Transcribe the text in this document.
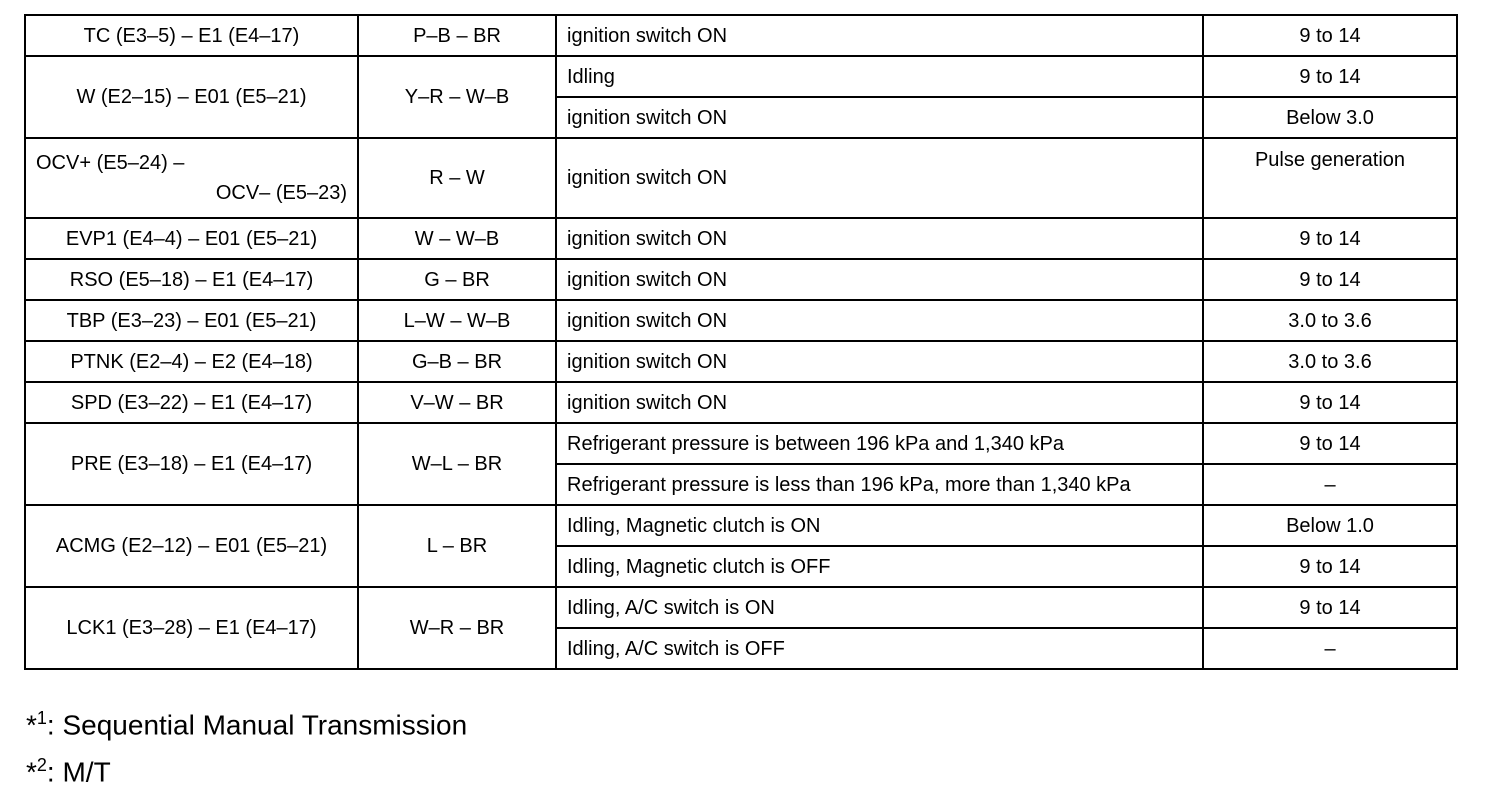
TC (E3–5) – E1 (E4–17)	P–B – BR	ignition switch ON	9 to 14
W (E2–15) – E01 (E5–21)	Y–R – W–B	Idling	9 to 14
		ignition switch ON	Below 3.0

OCV+ (E5–24) –
OCV– (E5–23)	R – W	ignition switch ON	Pulse generation
EVP1 (E4–4) – E01 (E5–21)	W – W–B	ignition switch ON	9 to 14
RSO (E5–18) – E1 (E4–17)	G – BR	ignition switch ON	9 to 14
TBP (E3–23) – E01 (E5–21)	L–W – W–B	ignition switch ON	3.0 to 3.6
PTNK (E2–4) – E2 (E4–18)	G–B – BR	ignition switch ON	3.0 to 3.6
SPD (E3–22) – E1 (E4–17)	V–W – BR	ignition switch ON	9 to 14
PRE (E3–18) – E1 (E4–17)	W–L – BR	Refrigerant pressure is between 196 kPa and 1,340 kPa	9 to 14
		Refrigerant pressure is less than 196 kPa, more than 1,340 kPa	–
ACMG (E2–12) – E01 (E5–21)	L – BR	Idling, Magnetic clutch is ON	Below 1.0
		Idling, Magnetic clutch is OFF	9 to 14
LCK1 (E3–28) – E1 (E4–17)	W–R – BR	Idling, A/C switch is ON	9 to 14
		Idling, A/C switch is OFF	–
*$^1$: Sequential Manual Transmission
*$^2$: M/T
